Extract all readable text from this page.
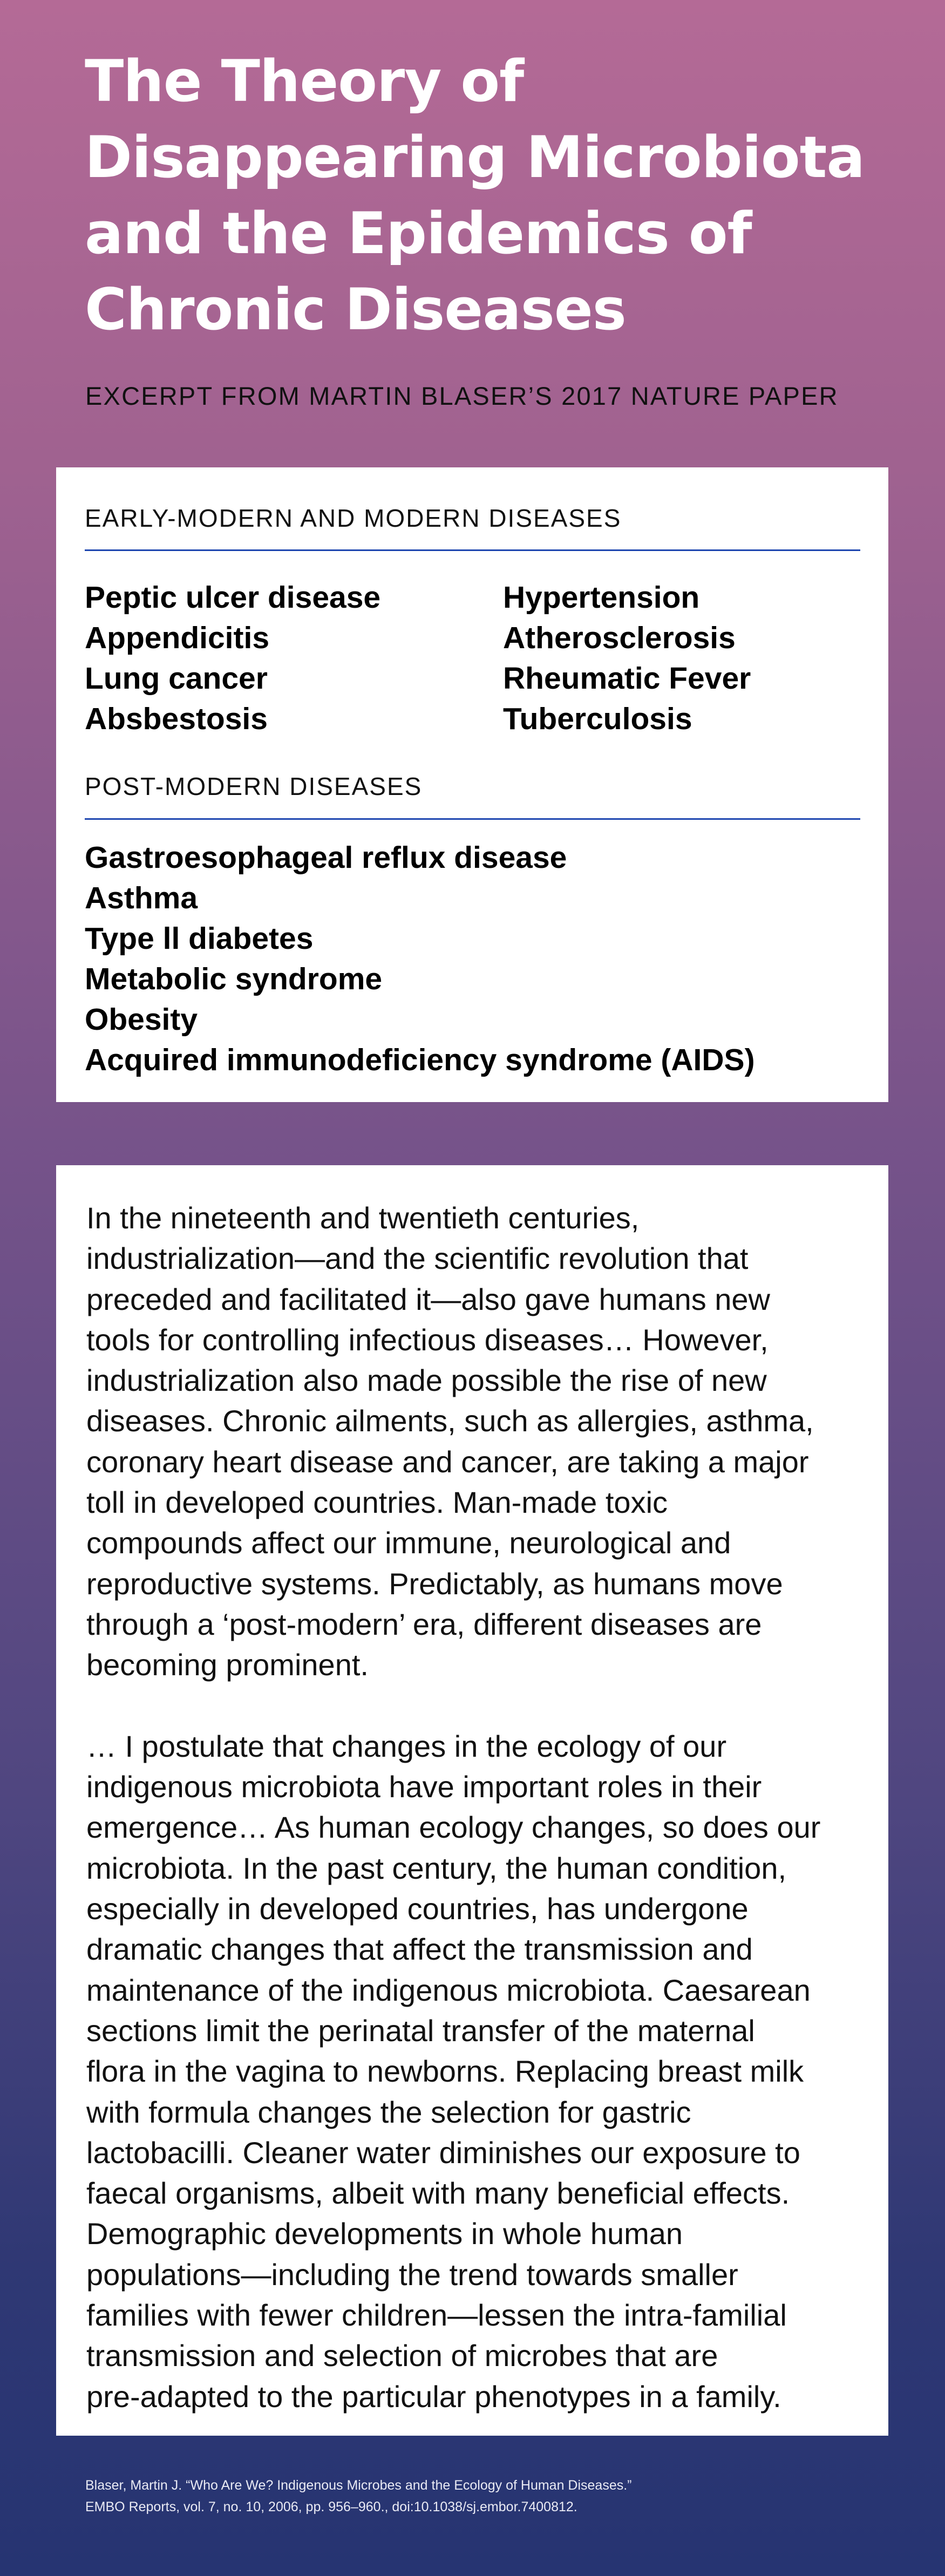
The Theory of
Disappearing Microbiota
and the Epidemics of
Chronic Diseases

EXCERPT FROM MARTIN BLASER’S 2017 NATURE PAPER

EARLY-MODERN AND MODERN DISEASES
Peptic ulcer disease
Appendicitis
Lung cancer
Absbestosis
Hypertension
Atherosclerosis
Rheumatic Fever
Tuberculosis
POST-MODERN DISEASES
Gastroesophageal reflux disease
Asthma
Type ll diabetes
Metabolic syndrome
Obesity
Acquired immunodeficiency syndrome (AIDS)
In the nineteenth and twentieth centuries,
industrialization—and the scientific revolution that
preceded and facilitated it—also gave humans new
tools for controlling infectious diseases… However,
industrialization also made possible the rise of new
diseases. Chronic ailments, such as allergies, asthma,
coronary heart disease and cancer, are taking a major
toll in developed countries. Man-made toxic
compounds affect our immune, neurological and
reproductive systems. Predictably, as humans move
through a ‘post-modern’ era, different diseases are
becoming prominent.
… I postulate that changes in the ecology of our
indigenous microbiota have important roles in their
emergence… As human ecology changes, so does our
microbiota. In the past century, the human condition,
especially in developed countries, has undergone
dramatic changes that affect the transmission and
maintenance of the indigenous microbiota. Caesarean
sections limit the perinatal transfer of the maternal
flora in the vagina to newborns. Replacing breast milk
with formula changes the selection for gastric
lactobacilli. Cleaner water diminishes our exposure to
faecal organisms, albeit with many beneficial effects.
Demographic developments in whole human
populations—including the trend towards smaller
families with fewer children—lessen the intra-familial
transmission and selection of microbes that are
pre-adapted to the particular phenotypes in a family.
Blaser, Martin J. “Who Are We? Indigenous Microbes and the Ecology of Human Diseases.”
EMBO Reports, vol. 7, no. 10, 2006, pp. 956–960., doi:10.1038/sj.embor.7400812.
